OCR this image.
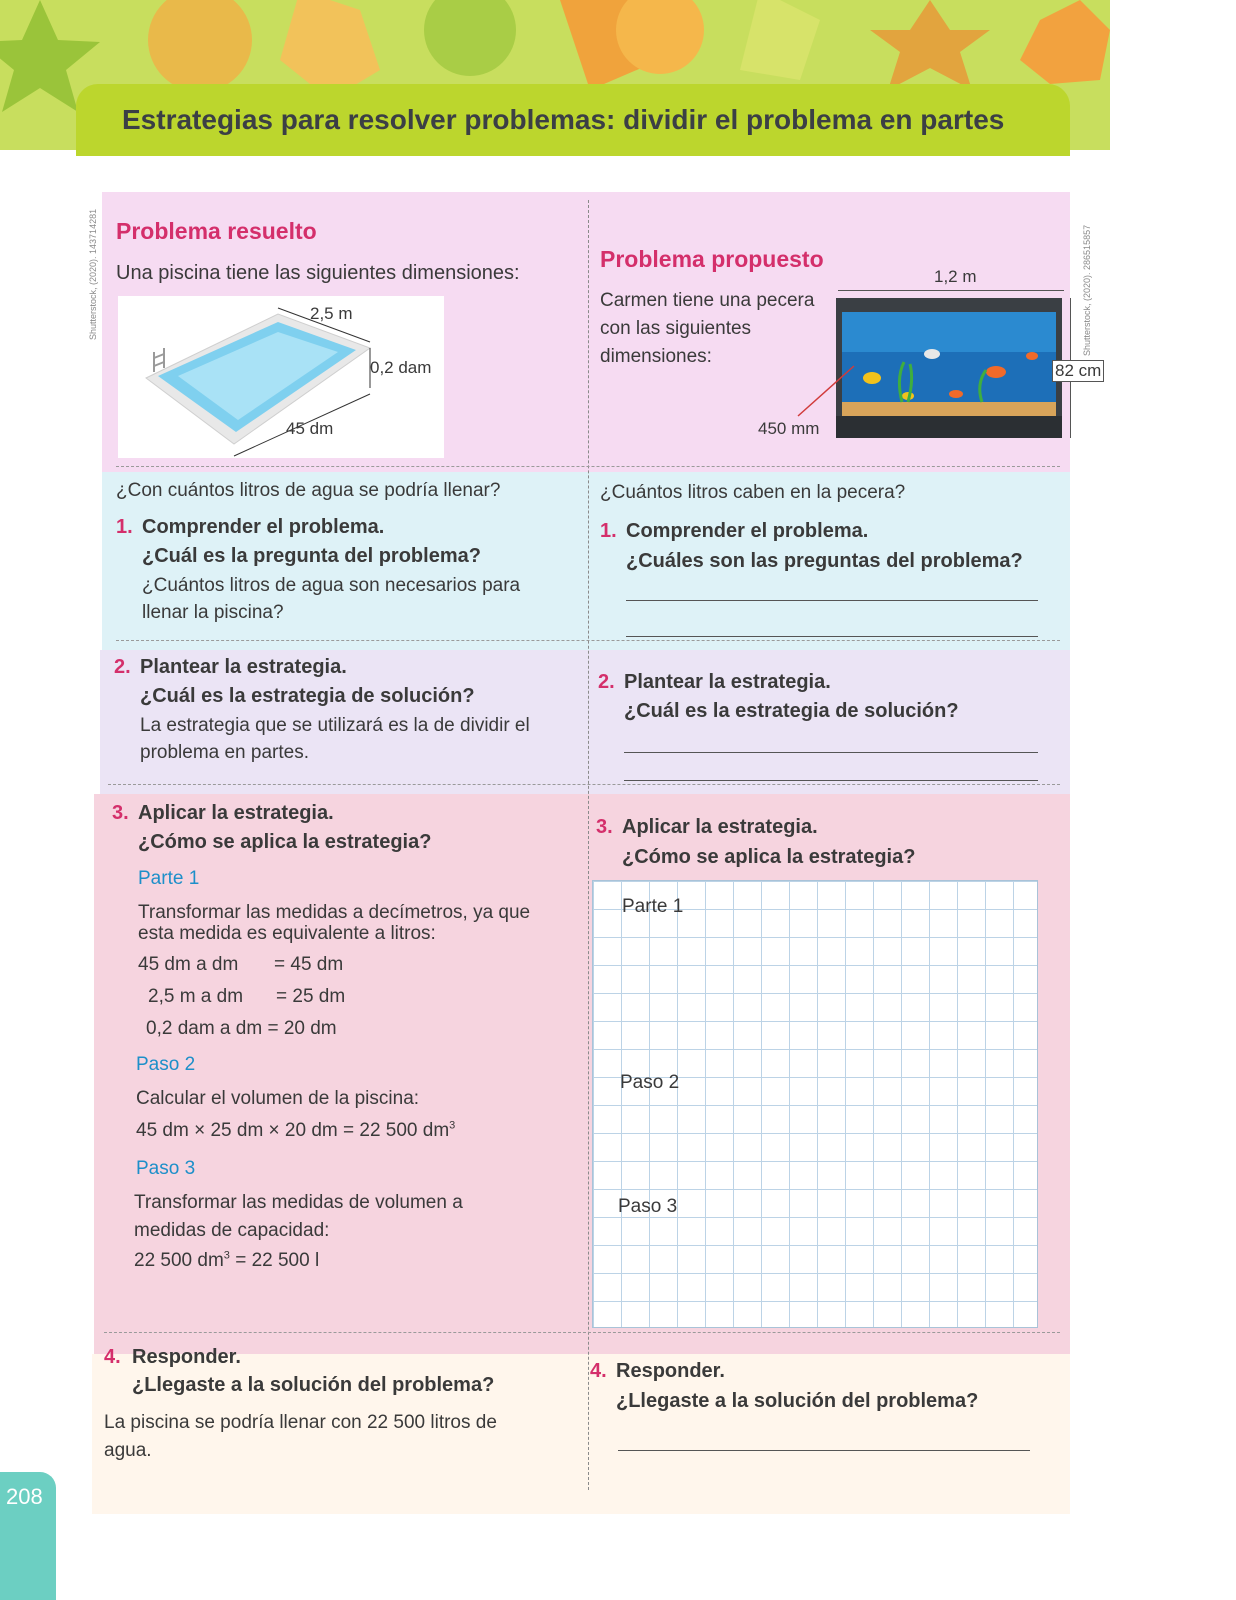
Estrategias para resolver problemas: dividir el problema en partes
Shutterstock, (2020). 143714281	Shutterstock, (2020). 286515857
Problema resuelto
Una piscina tiene las siguientes dimensiones:
2,5 m
0,2 dam
45 dm
¿Con cuántos litros de agua se podría llenar?
1. Comprender el problema.
¿Cuál es la pregunta del problema?
¿Cuántos litros de agua son necesarios para
llenar la piscina?
2. Plantear la estrategia.
¿Cuál es la estrategia de solución?
La estrategia que se utilizará es la de dividir el
problema en partes.
3. Aplicar la estrategia.
¿Cómo se aplica la estrategia?
Parte 1
Transformar las medidas a decímetros, ya que
esta medida es equivalente a litros:
45 dm a dm = 45 dm
2,5 m a dm = 25 dm
0,2 dam a dm = 20 dm
Paso 2
Calcular el volumen de la piscina:
45 dm × 25 dm × 20 dm = 22 500 $dm^3$
Paso 3
Transformar las medidas de volumen a
medidas de capacidad:
22 500 $dm^3 = 22$ 500 l
4. Responder.
¿Llegaste a la solución del problema?
La piscina se podría llenar con 22 500 litros de
agua.
Problema propuesto
Carmen tiene una pecera
con las siguientes
dimensiones:
1,2 m
82 cm
450 mm
¿Cuántos litros caben en la pecera?
1. Comprender el problema.
¿Cuáles son las preguntas del problema?
2. Plantear la estrategia.
¿Cuál es la estrategia de solución?
3. Aplicar la estrategia.
¿Cómo se aplica la estrategia?
Parte 1
Paso 2
Paso 3
4. Responder.
¿Llegaste a la solución del problema?
208
